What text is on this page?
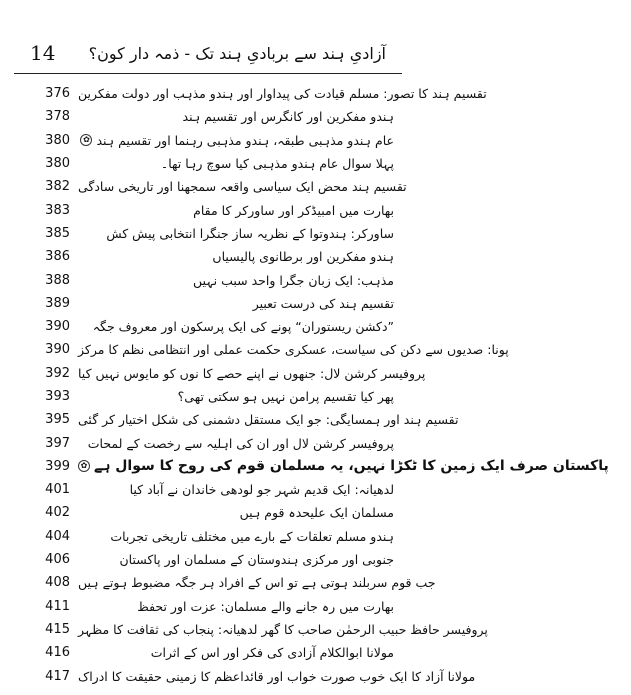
14 آزادیِ ہند سے بربادیِ ہند تک - ذمہ دار کون؟
376 تقسیم ہند کا تصور: مسلم قیادت کی پیداوار اور ہندو مذہب اور دولت مفکرین
378	ہندو مفکرین اور کانگرس اور تقسیم ہند
380	عام ہندو مذہبی طبقہ، ہندو مذہبی رہنما اور تقسیم ہند
✿
380	پہلا سوال عام ہندو مذہبی کیا سوچ رہا تھا۔
382 تقسیم ہند محض ایک سیاسی واقعہ سمجھنا اور تاریخی سادگی
383	بھارت میں امبیڈکر اور ساورکر کا مقام
385	ساورکر: ہندوتوا کے نظریہ ساز جنگرا انتخابی پیش کش
386	ہندو مفکرین اور برطانوی پالیسیاں
388	مذہب: ایک زبان جگرا واحد سبب نہیں
389	تقسیم ہند کی درست تعبیر
390	”دکشن ریستوران“ پونے کی ایک پرسکون اور معروف جگہ
390 پونا: صدیوں سے دکن کی سیاست، عسکری حکمت عملی اور انتظامی نظم کا مرکز
392 پروفیسر کرشن لال: جنھوں نے اپنے حصے کا نوں کو مایوس نہیں کیا
393	پھر کیا تقسیم پرامن نہیں ہو سکتی تھی؟
395 تقسیم ہند اور ہمسایگی: جو ایک مستقل دشمنی کی شکل اختیار کر گئی
397	پروفیسر کرشن لال اور ان کی اہلیہ سے رخصت کے لمحات
399	پاکستان صرف ایک زمین کا ٹکڑا نہیں، یہ مسلمان قوم کی روح کا سوال ہے
✿
401	لدھیانہ: ایک قدیم شہر جو لودھی خاندان نے آباد کیا
402	مسلمان ایک علیحدہ قوم ہیں
404	ہندو مسلم تعلقات کے بارے میں مختلف تاریخی تجربات
406	جنوبی اور مرکزی ہندوستان کے مسلمان اور پاکستان
408 جب قوم سربلند ہوتی ہے تو اس کے افراد ہر جگہ مضبوط ہوتے ہیں
411	بھارت میں رہ جانے والے مسلمان: عزت اور تحفظ
415 پروفیسر حافظ حبیب الرحمٰن صاحب کا گھر لدھیانہ: پنجاب کی ثقافت کا مظہر
416	مولانا ابوالکلام آزادی کی فکر اور اس کے اثرات
417 مولانا آزاد کا ایک خوب صورت خواب اور قائداعظم کا زمینی حقیقت کا ادراک
